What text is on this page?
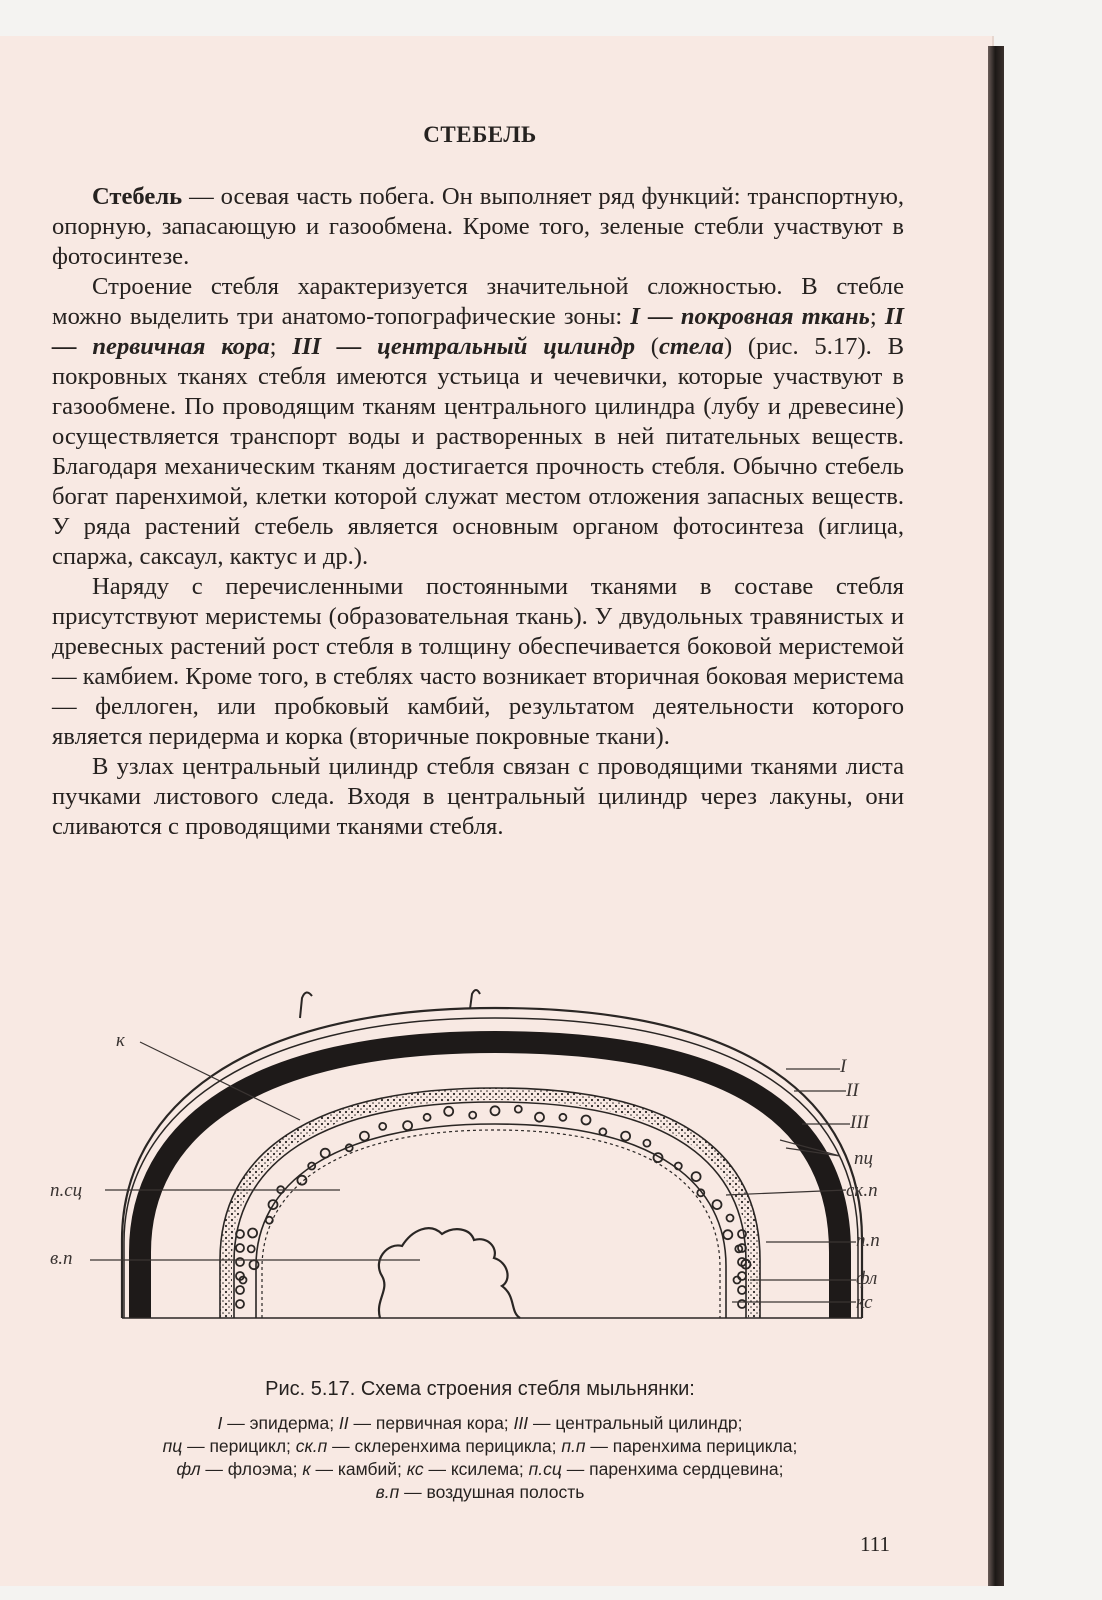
СТЕБЕЛЬ

Стебель — осевая часть побега. Он выполняет ряд функций: транспортную, опорную, запасающую и газообмена. Кроме того, зеленые стебли участвуют в фотосинтезе.

Строение стебля характеризуется значительной сложностью. В стебле можно выделить три анатомо-топографические зоны: I — покровная ткань; II — первичная кора; III — центральный цилиндр (стела) (рис. 5.17). В покровных тканях стебля имеются устьица и чечевички, которые участвуют в газообмене. По проводящим тканям центрального цилиндра (лубу и древесине) осуществляется транспорт воды и растворенных в ней питательных веществ. Благодаря механическим тканям достигается прочность стебля. Обычно стебель богат паренхимой, клетки которой служат местом отложения запасных веществ. У ряда растений стебель является основным органом фотосинтеза (иглица, спаржа, саксаул, кактус и др.).

Наряду с перечисленными постоянными тканями в составе стебля присутствуют меристемы (образовательная ткань). У двудольных травянистых и древесных растений рост стебля в толщину обеспечивается боковой меристемой — камбием. Кроме того, в стеблях часто возникает вторичная боковая меристема — феллоген, или пробковый камбий, результатом деятельности которого является перидерма и корка (вторичные покровные ткани).

В узлах центральный цилиндр стебля связан с проводящими тканями листа пучками листового следа. Входя в центральный цилиндр через лакуны, они сливаются с проводящими тканями стебля.

к
I
II
III
пц
ск.п
п.сц
п.п
в.п
фл
кс
Рис. 5.17. Схема строения стебля мыльнянки:
I — эпидерма; II — первичная кора; III — центральный цилиндр;
пц — перицикл; ск.п — склеренхима перицикла; п.п — паренхима перицикла;
фл — флоэма; к — камбий; кс — ксилема; п.сц — паренхима сердцевина;
в.п — воздушная полость
111
